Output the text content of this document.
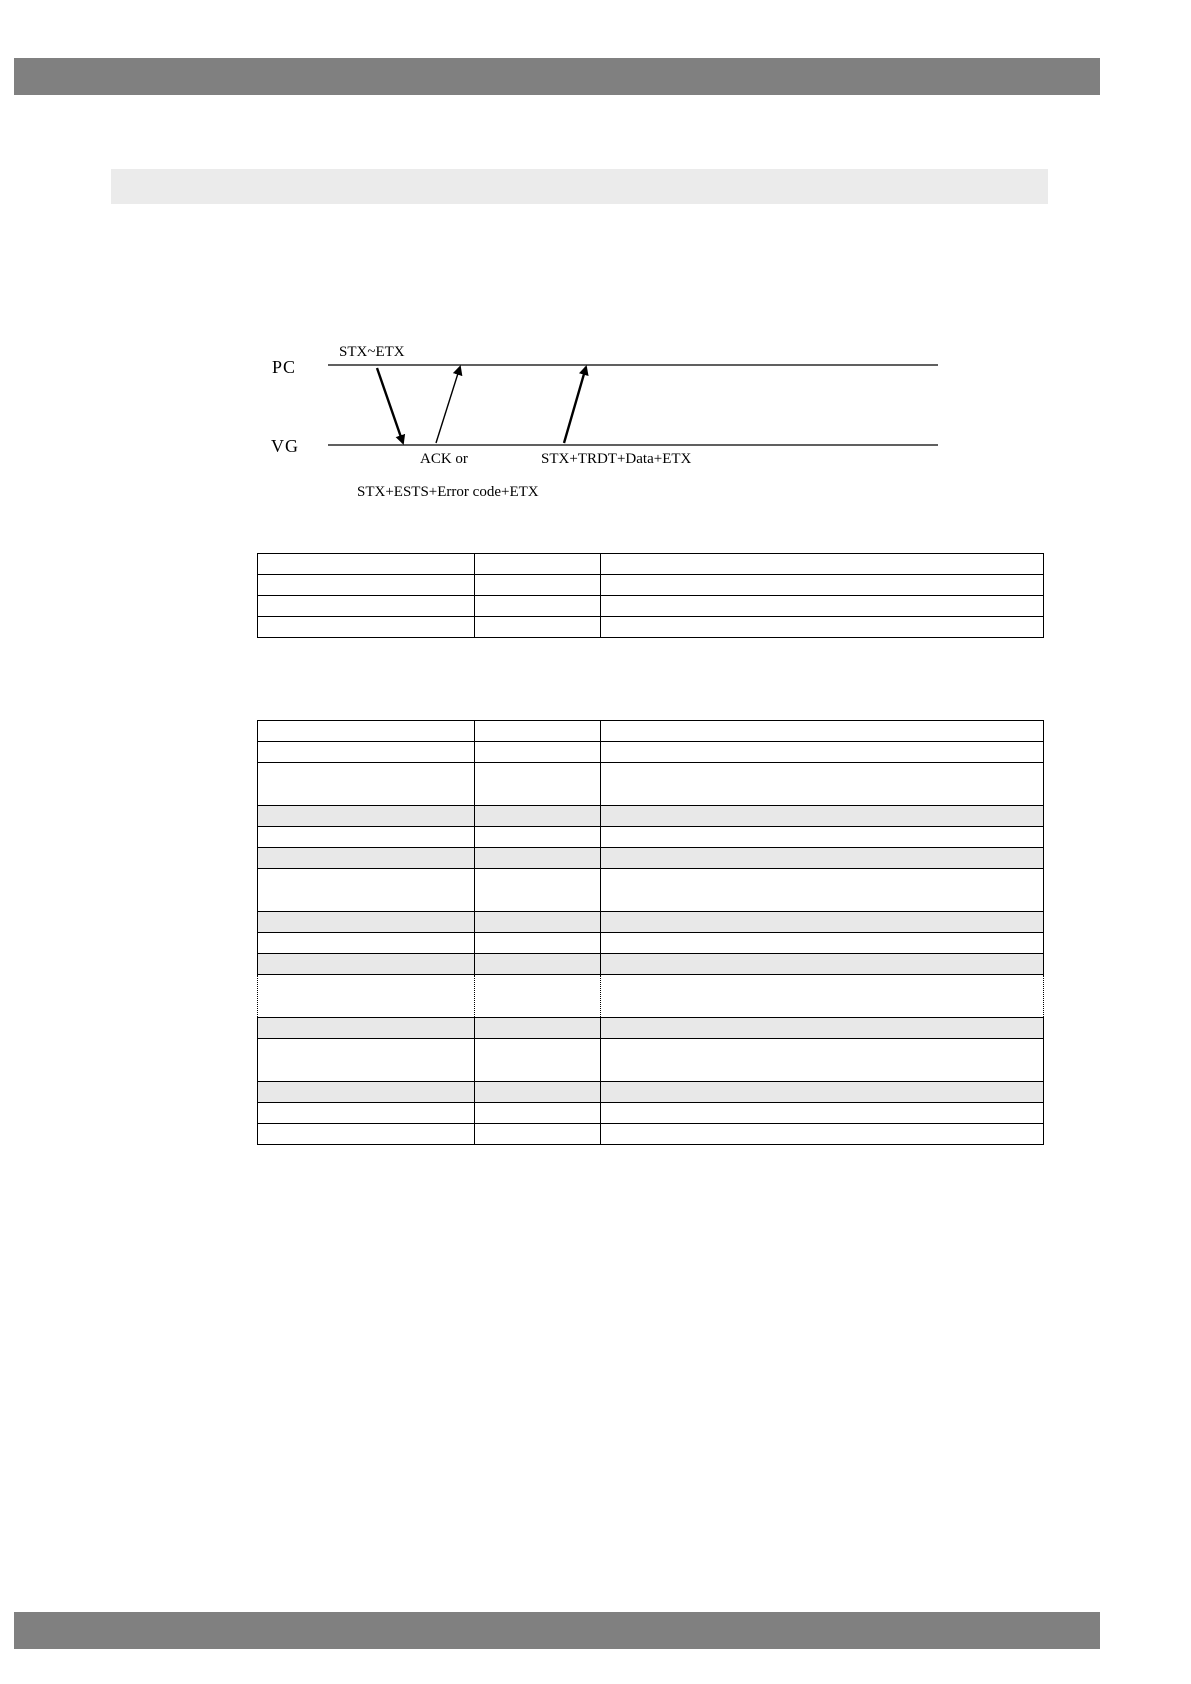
PC
VG
STX~ETX
ACK or
STX+ESTS+Error code+ETX
STX+TRDT+Data+ETX
